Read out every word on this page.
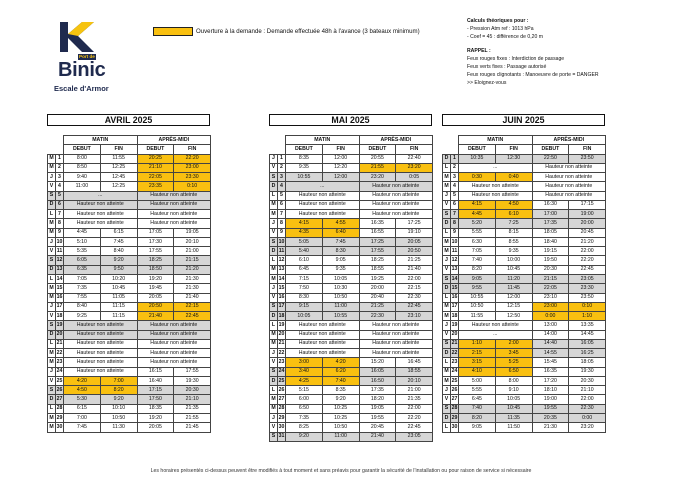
Port de
Binic
Escale d'Armor
Ouverture à la demande : Demande effectuée 48h à l'avance (3 bateaux minimum)
Calculs théoriques pour :
- Pression Atm ref : 1013 hPa
- Coef = 45 : différence de 0,20 m
RAPPEL :
Feux rouges fixes : Interdiction de passage
Feux verts fixes : Passage autorisé
Feux rouges clignotants : Manoeuvre de porte = DANGER
>> Eloignez-vous
AVRIL 2025
		MATIN		APRÈS-MIDI	
		DEBUT	FIN	DEBUT	FIN
M	1	8:00	11:55	20:25	22:20
M	2	8:50	12:25	21:10	23:00
J	3	9:40	12:45	22:05	23:30
V	4	11:00	12:25	23:35	0:10
S	5	...		Hauteur non atteinte	
D	6	Hauteur non atteinte		Hauteur non atteinte	
L	7	Hauteur non atteinte		Hauteur non atteinte	
M	8	Hauteur non atteinte		Hauteur non atteinte	
M	9	4:45	6:15	17:05	19:05
J	10	5:10	7:45	17:30	20:10
V	11	5:35	8:40	17:55	21:00
S	12	6:05	9:20	18:25	21:15
D	13	6:35	9:50	18:50	21:20
L	14	7:05	10:20	19:20	21:30
M	15	7:35	10:45	19:45	21:30
M	16	7:55	11:05	20:05	21:40
J	17	8:40	11:15	20:50	22:15
V	18	9:25	11:15	21:40	22:45
S	19	Hauteur non atteinte		Hauteur non atteinte	
D	20	Hauteur non atteinte		Hauteur non atteinte	
L	21	Hauteur non atteinte		Hauteur non atteinte	
M	22	Hauteur non atteinte		Hauteur non atteinte	
M	23	Hauteur non atteinte		Hauteur non atteinte	
J	24	Hauteur non atteinte		16:15	17:55
V	25	4:20	7:00	16:40	19:30
S	26	4:50	8:20	17:15	20:30
D	27	5:30	9:20	17:50	21:10
L	28	6:15	10:10	18:35	21:35
M	29	7:00	10:50	19:20	21:55
M	30	7:45	11:30	20:05	21:45
MAI 2025
		MATIN		APRÈS-MIDI	
		DEBUT	FIN	DEBUT	FIN
J	1	8:35	12:00	20:55	22:40
V	2	9:35	12:20	21:55	23:20
S	3	10:55	12:00	23:20	0:05
D	4	...		Hauteur non atteinte	
L	5	Hauteur non atteinte		Hauteur non atteinte	
M	6	Hauteur non atteinte		Hauteur non atteinte	
M	7	Hauteur non atteinte		Hauteur non atteinte	
J	8	4:15	4:55	16:35	17:25
V	9	4:35	6:40	16:55	19:10
S	10	5:05	7:45	17:25	20:05
D	11	5:40	8:30	17:55	20:50
L	12	6:10	9:05	18:25	21:25
M	13	6:45	9:35	18:55	21:40
M	14	7:15	10:05	19:25	22:00
J	15	7:50	10:30	20:00	22:15
V	16	8:30	10:50	20:40	22:30
S	17	9:15	11:00	21:25	22:45
D	18	10:05	10:55	22:30	23:10
L	19	Hauteur non atteinte		Hauteur non atteinte	
M	20	Hauteur non atteinte		Hauteur non atteinte	
M	21	Hauteur non atteinte		Hauteur non atteinte	
J	22	Hauteur non atteinte		Hauteur non atteinte	
V	23	3:00	4:20	15:20	16:45
S	24	3:40	6:20	16:05	18:55
D	25	4:25	7:40	16:50	20:10
L	26	5:15	8:35	17:35	21:00
M	27	6:00	9:20	18:20	21:35
M	28	6:50	10:25	19:05	22:00
J	29	7:35	10:25	19:55	22:20
V	30	8:25	10:50	20:45	22:45
S	31	9:20	11:00	21:40	23:05
JUIN 2025
		MATIN		APRÈS-MIDI	
		DEBUT	FIN	DEBUT	FIN
D	1	10:35	12:30	22:50	23:50
L	2	...		Hauteur non atteinte	
M	3	0:30	0:40	Hauteur non atteinte	
M	4	Hauteur non atteinte		Hauteur non atteinte	
J	5	Hauteur non atteinte		Hauteur non atteinte	
V	6	4:15	4:50	16:30	17:15
S	7	4:45	6:10	17:00	19:00
D	8	5:20	7:25	17:35	20:00
L	9	5:55	8:15	18:05	20:45
M	10	6:30	8:55	18:40	21:20
M	11	7:05	9:35	19:15	22:00
J	12	7:40	10:00	19:50	22:20
V	13	8:20	10:45	20:30	22:45
S	14	9:05	11:20	21:15	23:05
D	15	9:55	11:45	22:05	23:30
L	16	10:55	12:00	23:10	23:50
M	17	10:50	12:15	23:00	0:10
M	18	11:55	12:50	0:00	1:10
J	19	Hauteur non atteinte		13:00	13:35
V	20	...		14:00	14:45
S	21	1:10	2:00	14:40	16:05
D	22	2:15	3:45	14:55	16:25
L	23	3:15	5:25	15:45	18:05
M	24	4:10	6:50	16:35	19:30
M	25	5:00	8:00	17:20	20:30
J	26	5:55	9:10	18:10	21:10
V	27	6:45	10:05	19:00	22:00
S	28	7:40	10:45	19:55	22:30
D	29	8:20	11:35	20:35	0:00
L	30	9:05	11:50	21:30	23:20
Les horaires présentés ci-dessus peuvent être modifiés à tout moment et sans préavis pour garantir la sécurité de l'installation ou pour raison de service si nécessaire
